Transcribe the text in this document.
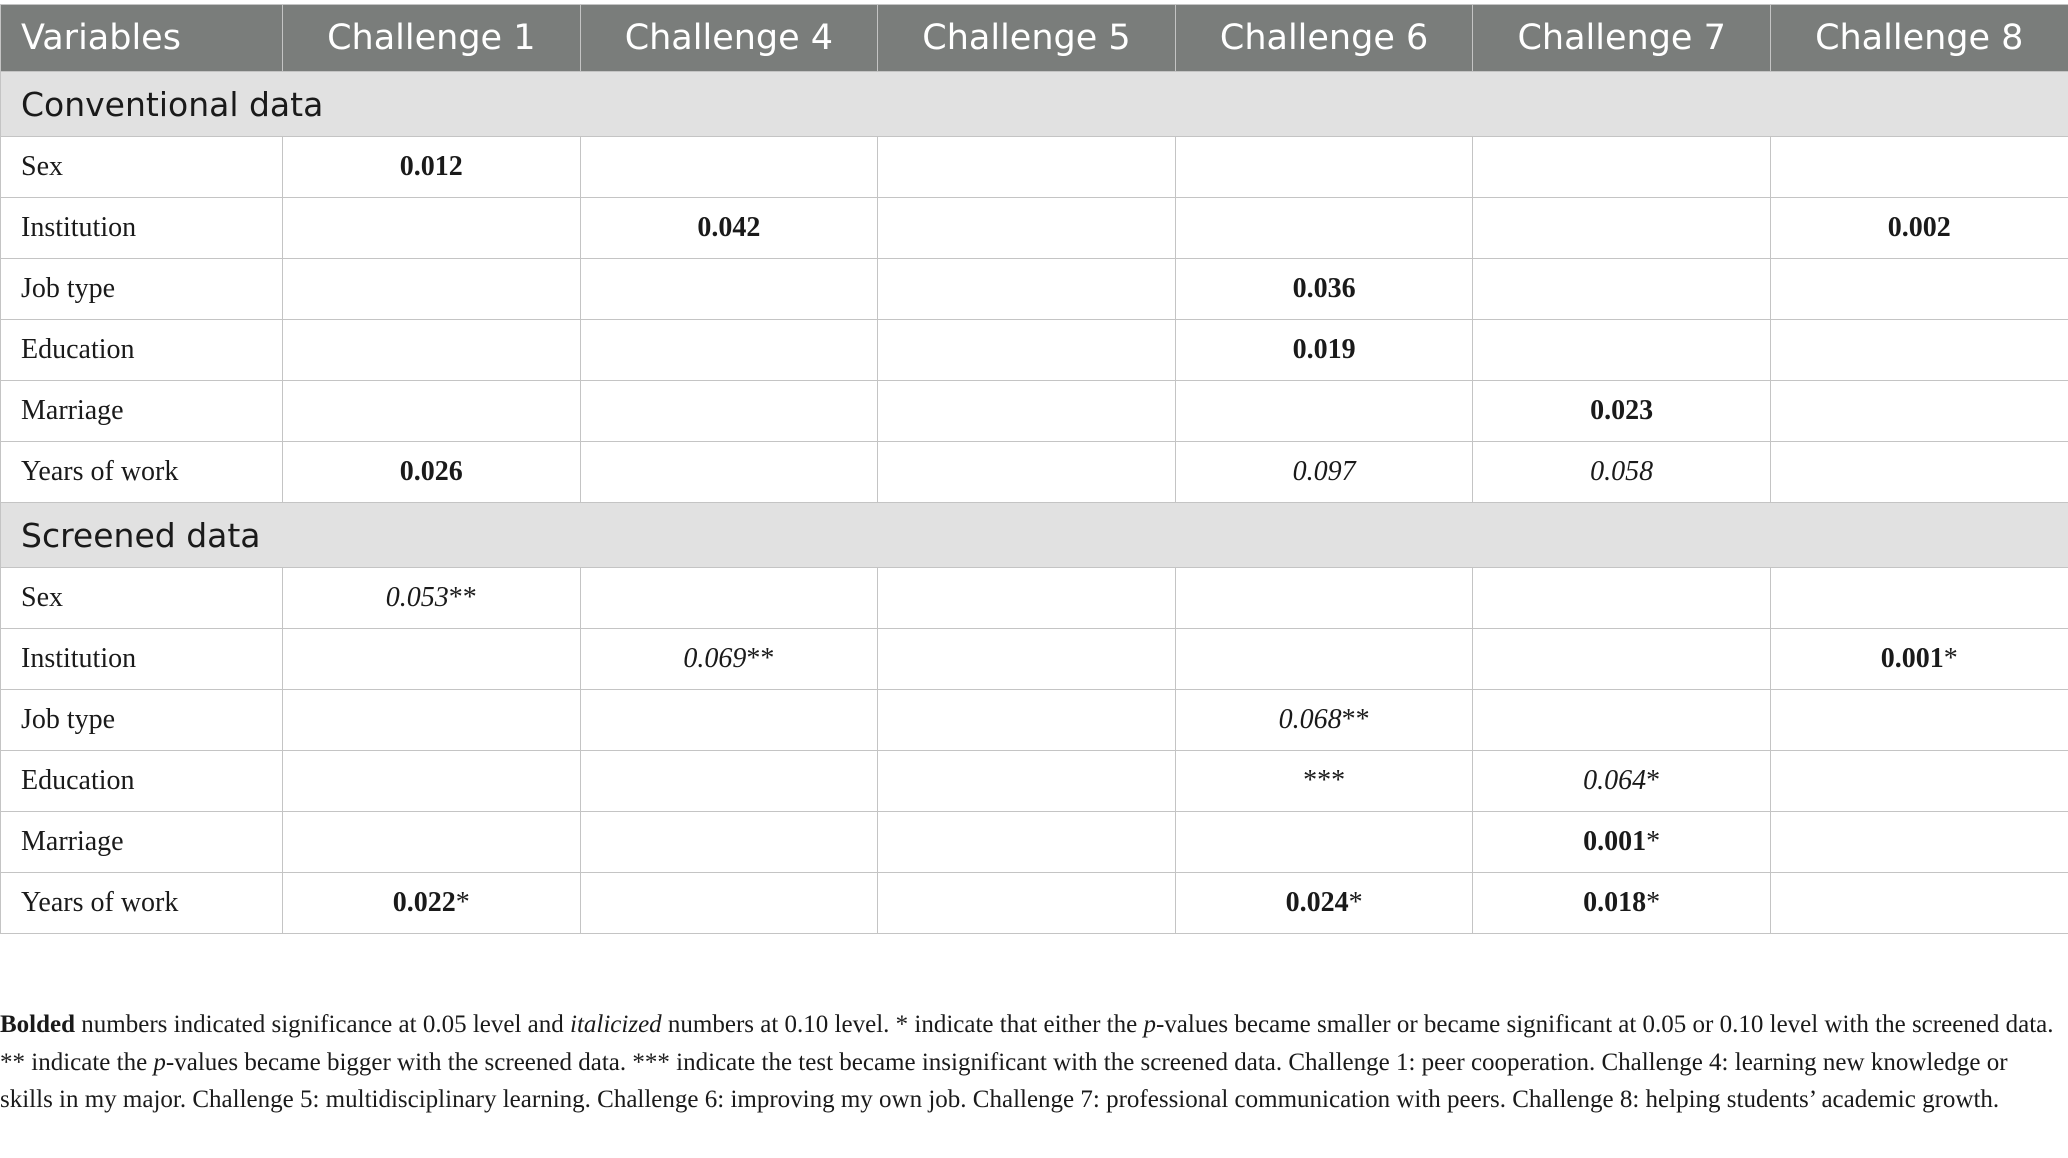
Variables	Challenge 1	Challenge 4	Challenge 5	Challenge 6	Challenge 7	Challenge 8
Conventional data						
Sex	0.012					
Institution		0.042				0.002
Job type				0.036		
Education				0.019		
Marriage					0.023	
Years of work	0.026			0.097	0.058	
Screened data						
Sex	0.053**					
Institution		0.069**				0.001*
Job type				0.068**		
Education				***	0.064*	
Marriage					0.001*	
Years of work	0.022*			0.024*	0.018*	
Bolded numbers indicated significance at 0.05 level and italicized numbers at 0.10 level. * indicate that either the p-values became smaller or became significant at 0.05 or 0.10 level with the screened data. ** indicate the p-values became bigger with the screened data. *** indicate the test became insignificant with the screened data. Challenge 1: peer cooperation. Challenge 4: learning new knowledge or skills in my major. Challenge 5: multidisciplinary learning. Challenge 6: improving my own job. Challenge 7: professional communication with peers. Challenge 8: helping students’ academic growth.
